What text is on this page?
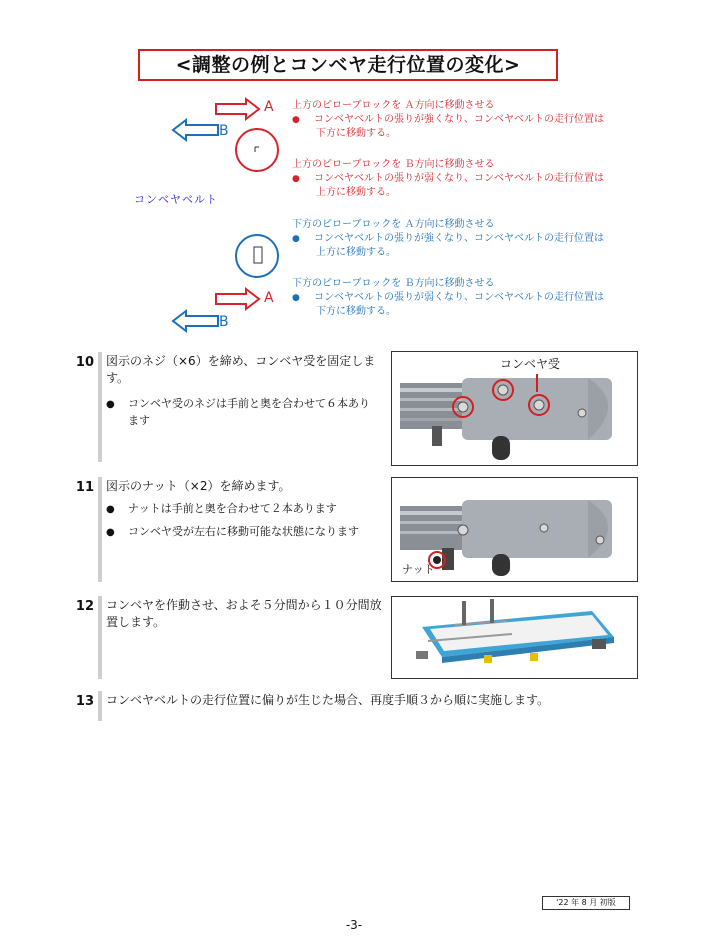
<調整の例とコンベヤ走行位置の変化>
A
B
A
B
コンベヤベルト
上方のピローブロックを Ａ方向に移動させる
● コンベヤベルトの張りが強くなり、コンベヤベルトの走行位置は
下方に移動する。
上方のピローブロックを Ｂ方向に移動させる
● コンベヤベルトの張りが弱くなり、コンベヤベルトの走行位置は
上方に移動する。
下方のピローブロックを Ａ方向に移動させる
● コンベヤベルトの張りが強くなり、コンベヤベルトの走行位置は
上方に移動する。
下方のピローブロックを Ｂ方向に移動させる
● コンベヤベルトの張りが弱くなり、コンベヤベルトの走行位置は
下方に移動する。
10 図示のネジ（×6）を締め、コンベヤ受を固定しま
す。
● コンベヤ受のネジは手前と奥を合わせて６本あり
ます
コンベヤ受
11 図示のナット（×2）を締めます。
● ナットは手前と奥を合わせて２本あります
● コンベヤ受が左右に移動可能な状態になります
ナット
12 コンベヤを作動させ、およそ５分間から１０分間放
置します。
13 コンベヤベルトの走行位置に偏りが生じた場合、再度手順３から順に実施します。
'22 年 8 月 初版
-3-
